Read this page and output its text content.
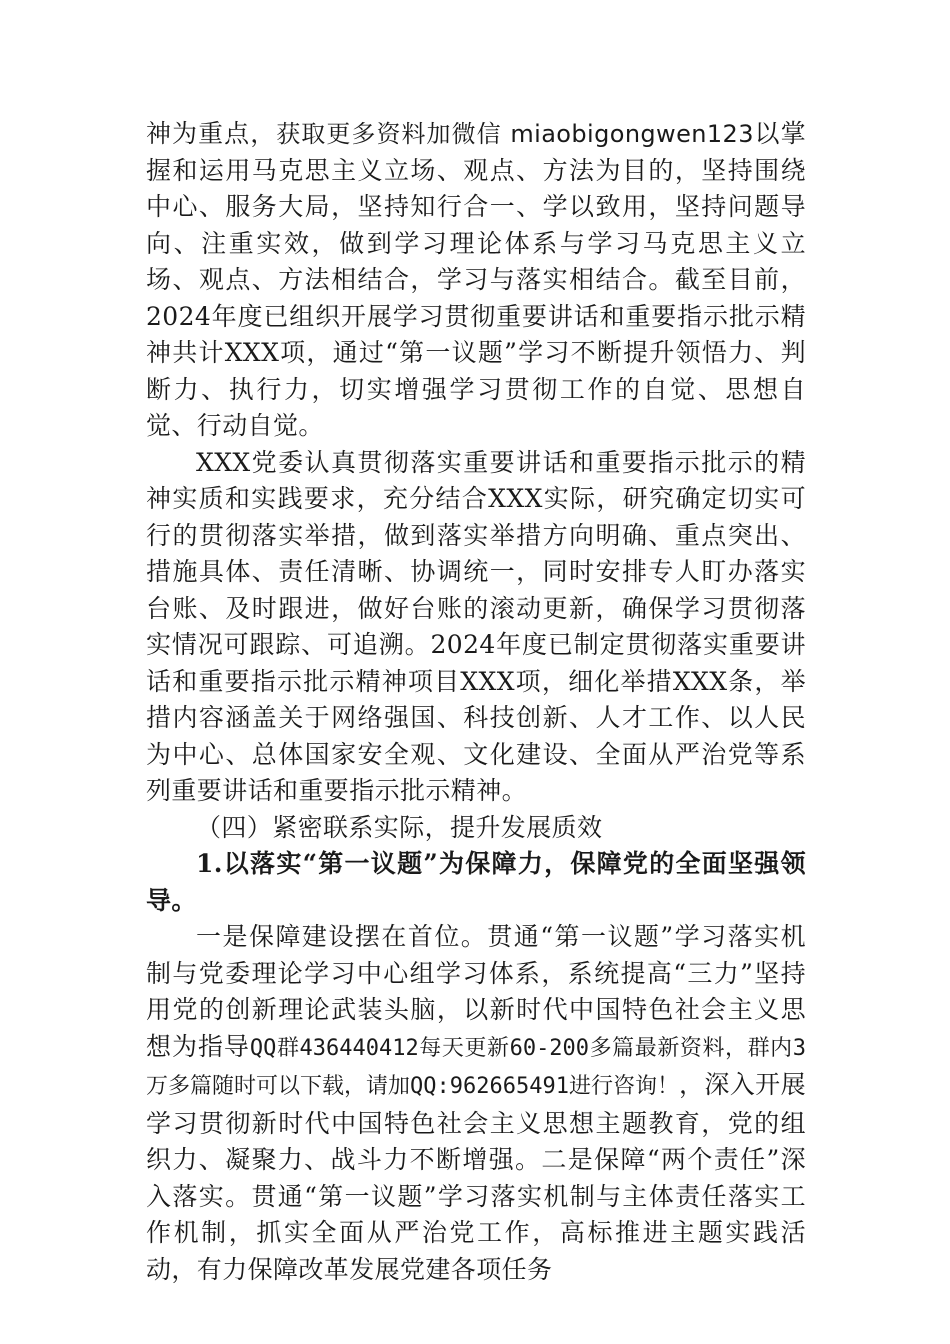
神为重点，获取更多资料加微信 miaobigongwen123以掌握和运用马克思主义立场、观点、方法为目的，坚持围绕中心、服务大局，坚持知行合一、学以致用，坚持问题导向、注重实效，做到学习理论体系与学习马克思主义立场、观点、方法相结合，学习与落实相结合。截至目前，2024年度已组织开展学习贯彻重要讲话和重要指示批示精神共计XXX项，通过“第一议题”学习不断提升领悟力、判断力、执行力，切实增强学习贯彻工作的自觉、思想自觉、行动自觉。

XXX党委认真贯彻落实重要讲话和重要指示批示的精神实质和实践要求，充分结合XXX实际，研究确定切实可行的贯彻落实举措，做到落实举措方向明确、重点突出、措施具体、责任清晰、协调统一，同时安排专人盯办落实台账、及时跟进，做好台账的滚动更新，确保学习贯彻落实情况可跟踪、可追溯。2024年度已制定贯彻落实重要讲话和重要指示批示精神项目XXX项，细化举措XXX条，举措内容涵盖关于网络强国、科技创新、人才工作、以人民为中心、总体国家安全观、文化建设、全面从严治党等系列重要讲话和重要指示批示精神。

（四）紧密联系实际，提升发展质效

1.以落实“第一议题”为保障力，保障党的全面坚强领导。

一是保障建设摆在首位。贯通“第一议题”学习落实机制与党委理论学习中心组学习体系，系统提高“三力”坚持用党的创新理论武装头脑，以新时代中国特色社会主义思想为指导QQ群436440412每天更新60-200多篇最新资料，群内3万多篇随时可以下载，请加QQ:962665491进行咨询！，深入开展学习贯彻新时代中国特色社会主义思想主题教育，党的组织力、凝聚力、战斗力不断增强。二是保障“两个责任”深入落实。贯通“第一议题”学习落实机制与主体责任落实工作机制，抓实全面从严治党工作，高标推进主题实践活动，有力保障改革发展党建各项任务
